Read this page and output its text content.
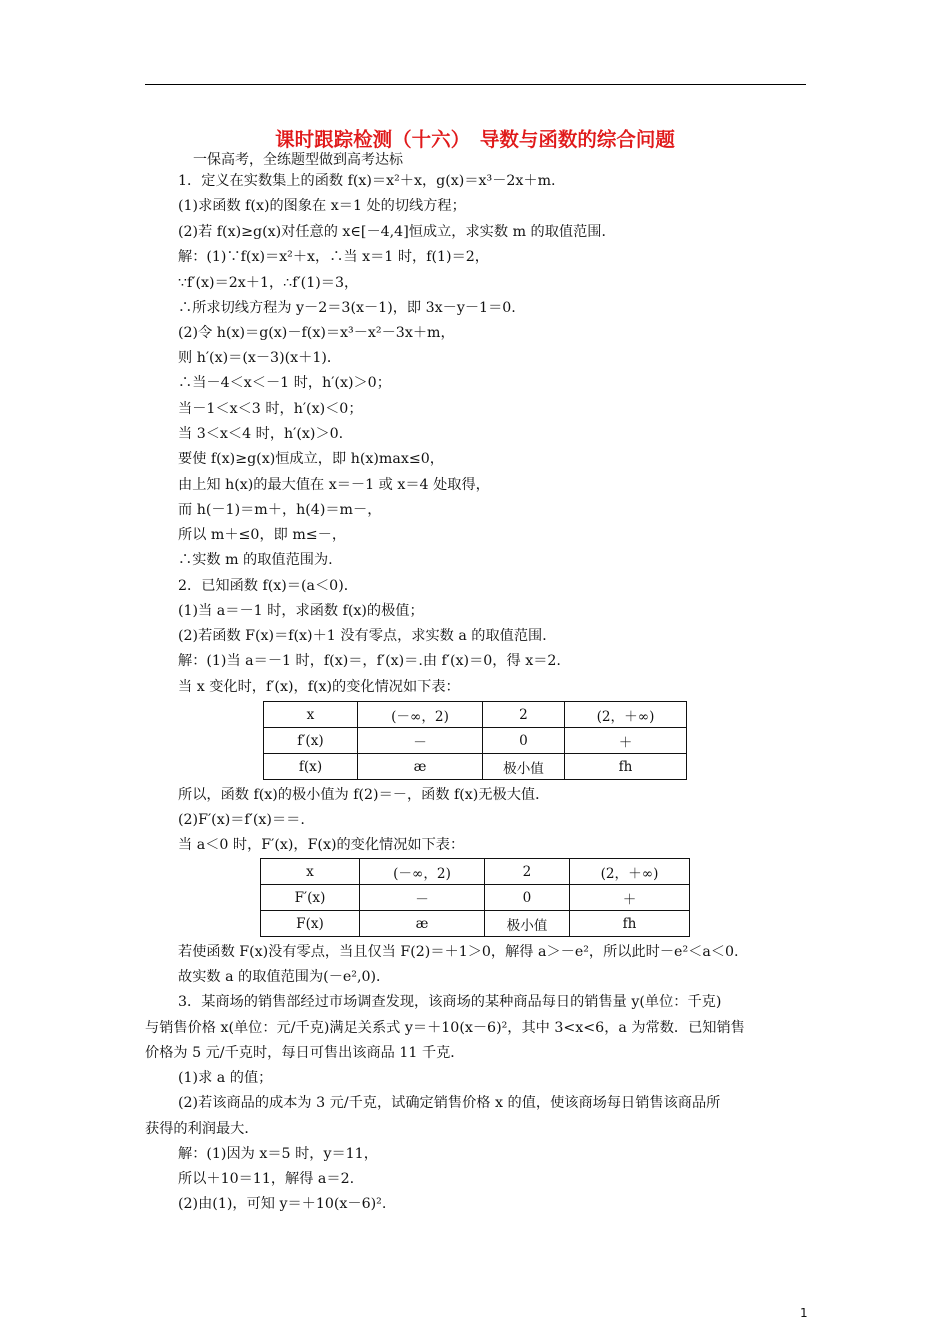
课时跟踪检测（十六）　导数与函数的综合问题
一保高考，全练题型做到高考达标
1．定义在实数集上的函数 f(x)＝x²＋x，g(x)＝x³－2x＋m.
(1)求函数 f(x)的图象在 x＝1 处的切线方程；
(2)若 f(x)≥g(x)对任意的 x∈[－4,4]恒成立，求实数 m 的取值范围．
解：(1)∵f(x)＝x²＋x，∴当 x＝1 时，f(1)＝2，
∵f′(x)＝2x＋1，∴f′(1)＝3，
∴所求切线方程为 y－2＝3(x－1)，即 3x－y－1＝0.
(2)令 h(x)＝g(x)－f(x)＝x³－x²－3x＋m，
则 h′(x)＝(x－3)(x＋1)．
∴当－4＜x＜－1 时，h′(x)＞0；
当－1＜x＜3 时，h′(x)＜0；
当 3＜x＜4 时，h′(x)＞0.
要使 f(x)≥g(x)恒成立，即 h(x)max≤0，
由上知 h(x)的最大值在 x＝－1 或 x＝4 处取得，
而 h(－1)＝m＋，h(4)＝m－，
所以 m＋≤0，即 m≤－，
∴实数 m 的取值范围为.
2．已知函数 f(x)＝(a＜0)．
(1)当 a＝－1 时，求函数 f(x)的极值；
(2)若函数 F(x)＝f(x)＋1 没有零点，求实数 a 的取值范围．
解：(1)当 a＝－1 时，f(x)＝，f′(x)＝.由 f′(x)＝0，得 x＝2.
当 x 变化时，f′(x)，f(x)的变化情况如下表：
所以，函数 f(x)的极小值为 f(2)＝－，函数 f(x)无极大值．
(2)F′(x)＝f′(x)＝＝.
当 a＜0 时，F′(x)，F(x)的变化情况如下表：
若使函数 F(x)没有零点，当且仅当 F(2)＝＋1＞0，解得 a＞－e²，所以此时－e²＜a＜0.
故实数 a 的取值范围为(－e²,0)．
3．某商场的销售部经过市场调查发现，该商场的某种商品每日的销售量 y(单位：千克)
与销售价格 x(单位：元/千克)满足关系式 y＝＋10(x－6)²，其中 3<x<6，a 为常数．已知销售
价格为 5 元/千克时，每日可售出该商品 11 千克．
(1)求 a 的值；
(2)若该商品的成本为 3 元/千克，试确定销售价格 x 的值，使该商场每日销售该商品所
获得的利润最大．
解：(1)因为 x＝5 时，y＝11，
所以＋10＝11，解得 a＝2.
(2)由(1)，可知 y＝＋10(x－6)².
x	(－∞，2)	2	(2，＋∞)
f′(x)	－	0	＋
f(x)	æ	极小值	fh
x	(－∞，2)	2	(2，＋∞)
F′(x)	－	0	＋
F(x)	æ	极小值	fh
1
